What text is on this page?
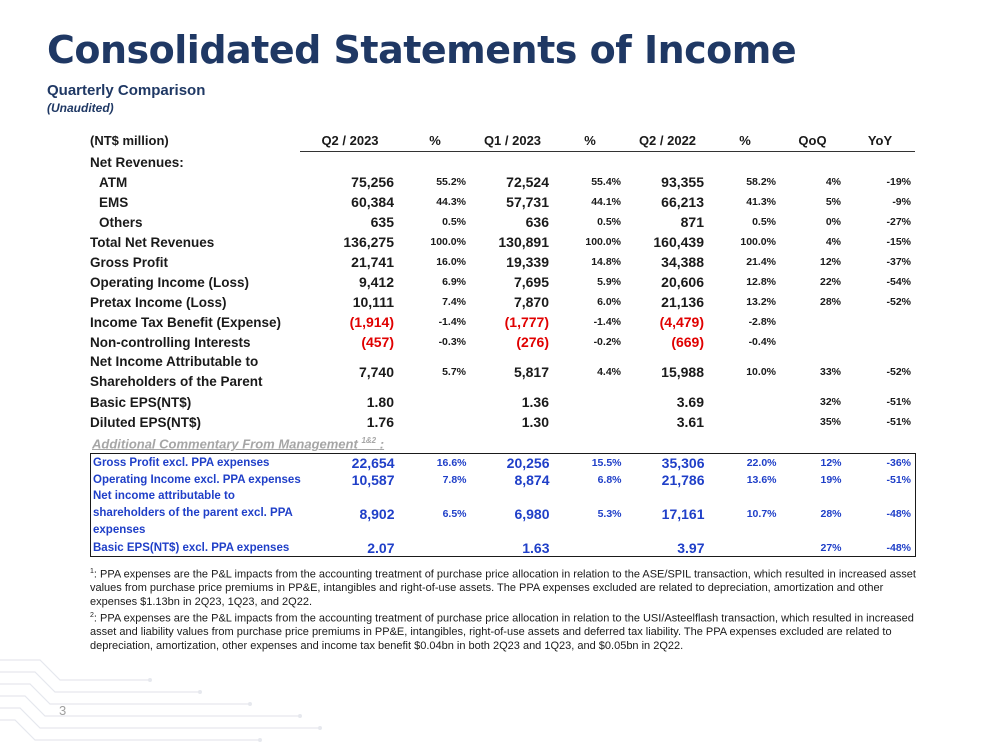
Consolidated Statements of Income
Quarterly Comparison
(Unaudited)
(NT$ million)	Q2 / 2023	%	Q1 / 2023	%	Q2 / 2022	%	QoQ	YoY
Net Revenues:								
ATM	75,256	55.2%	72,524	55.4%	93,355	58.2%	4%	-19%
EMS	60,384	44.3%	57,731	44.1%	66,213	41.3%	5%	-9%
Others	635	0.5%	636	0.5%	871	0.5%	0%	-27%
Total Net Revenues	136,275	100.0%	130,891	100.0%	160,439	100.0%	4%	-15%
Gross Profit	21,741	16.0%	19,339	14.8%	34,388	21.4%	12%	-37%
Operating Income (Loss)	9,412	6.9%	7,695	5.9%	20,606	12.8%	22%	-54%
Pretax Income (Loss)	10,111	7.4%	7,870	6.0%	21,136	13.2%	28%	-52%
Income Tax Benefit (Expense)	(1,914)	-1.4%	(1,777)	-1.4%	(4,479)	-2.8%		
Non-controlling Interests	(457)	-0.3%	(276)	-0.2%	(669)	-0.4%		

Net Income Attributable to
Shareholders of the Parent	7,740	5.7%	5,817	4.4%	15,988	10.0%	33%	-52%
Basic EPS(NT$)	1.80		1.36		3.69		32%	-51%
Diluted EPS(NT$)	1.76		1.30		3.61		35%	-51%
Additional Commentary From Management $^{1\&2}$ :
Gross Profit excl. PPA expenses	22,654	16.6%	20,256	15.5%	35,306	22.0%	12%	-36%
Operating Income excl. PPA expenses	10,587	7.8%	8,874	6.8%	21,786	13.6%	19%	-51%

Net income attributable to
shareholders of the parent excl. PPA
expenses	8,902	6.5%	6,980	5.3%	17,161	10.7%	28%	-48%
Basic EPS(NT$) excl. PPA expenses	2.07		1.63		3.97		27%	-48%

$^1$: PPA expenses are the P&L impacts from the accounting treatment of purchase price allocation in relation to the ASE/SPIL transaction, which resulted in increased asset values from purchase price premiums in PP&E, intangibles and right-of-use assets. The PPA expenses excluded are related to depreciation, amortization and other expenses $1.13bn in 2Q23, 1Q23, and 2Q22.

$^2$: PPA expenses are the P&L impacts from the accounting treatment of purchase price allocation in relation to the USI/Asteelflash transaction, which resulted in increased asset and liability values from purchase price premiums in PP&E, intangibles, right-of-use assets and deferred tax liability. The PPA expenses excluded are related to depreciation, amortization, other expenses and income tax benefit $0.04bn in both 2Q23 and 1Q23, and $0.05bn in 2Q22.

3
